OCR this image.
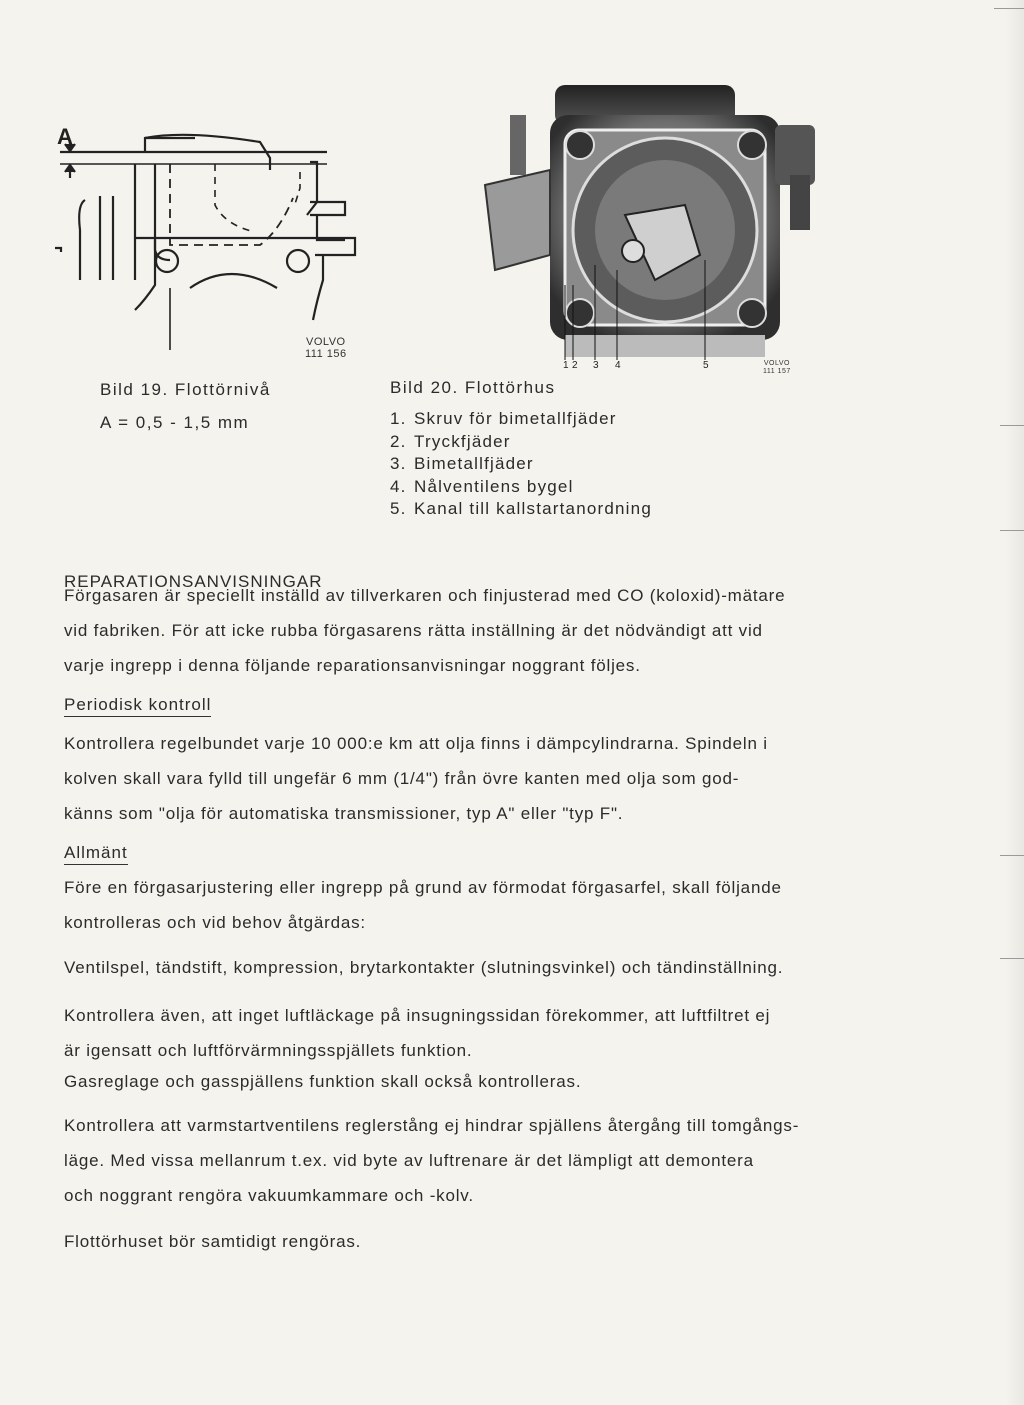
A
VOLVO
111 156
Bild 19. Flottörnivå
A = 0,5 - 1,5 mm
1 2 3 4	5	VOLVO
111 157
Bild 20. Flottörhus
1. Skruv för bimetallfjäder
2. Tryckfjäder
3. Bimetallfjäder
4. Nålventilens bygel
5. Kanal till kallstartanordning
REPARATIONSANVISNINGAR
Förgasaren är speciellt inställd av tillverkaren och finjusterad med CO (koloxid)-mätare
vid fabriken. För att icke rubba förgasarens rätta inställning är det nödvändigt att vid
varje ingrepp i denna följande reparationsanvisningar noggrant följes.
Periodisk kontroll
Kontrollera regelbundet varje 10 000:e km att olja finns i dämpcylindrarna. Spindeln i
kolven skall vara fylld till ungefär 6 mm (1/4") från övre kanten med olja som god-
känns som "olja för automatiska transmissioner, typ A" eller "typ F".
Allmänt
Före en förgasarjustering eller ingrepp på grund av förmodat förgasarfel, skall följande
kontrolleras och vid behov åtgärdas:
Ventilspel, tändstift, kompression, brytarkontakter (slutningsvinkel) och tändinställning.
Kontrollera även, att inget luftläckage på insugningssidan förekommer, att luftfiltret ej
är igensatt och luftförvärmningsspjällets funktion.
Gasreglage och gasspjällens funktion skall också kontrolleras.
Kontrollera att varmstartventilens reglerstång ej hindrar spjällens återgång till tomgångs-
läge. Med vissa mellanrum t.ex. vid byte av luftrenare är det lämpligt att demontera
och noggrant rengöra vakuumkammare och -kolv.
Flottörhuset bör samtidigt rengöras.
